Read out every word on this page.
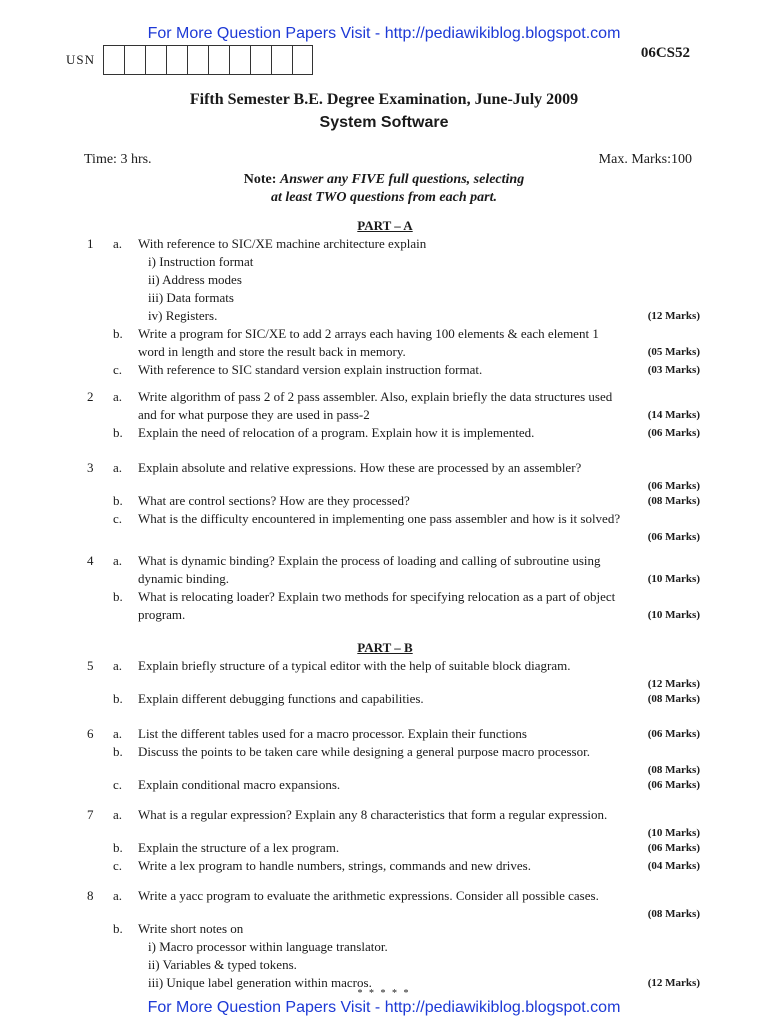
For More Question Papers Visit - http://pediawikiblog.blogspot.com
USN	06CS52
Fifth Semester B.E. Degree Examination, June-July 2009
System Software
Time: 3 hrs.	Max. Marks:100
Note: Answer any FIVE full questions, selecting
at least TWO questions from each part.
PART – A
PART – B
1 a. With reference to SIC/XE machine architecture explain
i) Instruction format
ii) Address modes
iii) Data formats
iv) Registers.	(12 Marks)
b. Write a program for SIC/XE to add 2 arrays each having 100 elements & each element 1
word in length and store the result back in memory.	(05 Marks)
c. With reference to SIC standard version explain instruction format.	(03 Marks)
2 a. Write algorithm of pass 2 of 2 pass assembler. Also, explain briefly the data structures used
and for what purpose they are used in pass-2	(14 Marks)
b. Explain the need of relocation of a program. Explain how it is implemented.	(06 Marks)
3 a. Explain absolute and relative expressions. How these are processed by an assembler?
(06 Marks)
b. What are control sections? How are they processed?	(08 Marks)
c. What is the difficulty encountered in implementing one pass assembler and how is it solved?
(06 Marks)
4 a. What is dynamic binding? Explain the process of loading and calling of subroutine using
dynamic binding.	(10 Marks)
b. What is relocating loader? Explain two methods for specifying relocation as a part of object
program.	(10 Marks)
5 a. Explain briefly structure of a typical editor with the help of suitable block diagram.
(12 Marks)
b. Explain different debugging functions and capabilities.	(08 Marks)
6 a. List the different tables used for a macro processor. Explain their functions	(06 Marks)
b. Discuss the points to be taken care while designing a general purpose macro processor.
(08 Marks)
c. Explain conditional macro expansions.	(06 Marks)
7 a. What is a regular expression? Explain any 8 characteristics that form a regular expression.
(10 Marks)
b. Explain the structure of a lex program.	(06 Marks)
c. Write a lex program to handle numbers, strings, commands and new drives.	(04 Marks)
8 a. Write a yacc program to evaluate the arithmetic expressions. Consider all possible cases.
(08 Marks)
b. Write short notes on
i) Macro processor within language translator.
ii) Variables & typed tokens.
iii) Unique label generation within macros.	(12 Marks)
* * * * *
For More Question Papers Visit - http://pediawikiblog.blogspot.com
